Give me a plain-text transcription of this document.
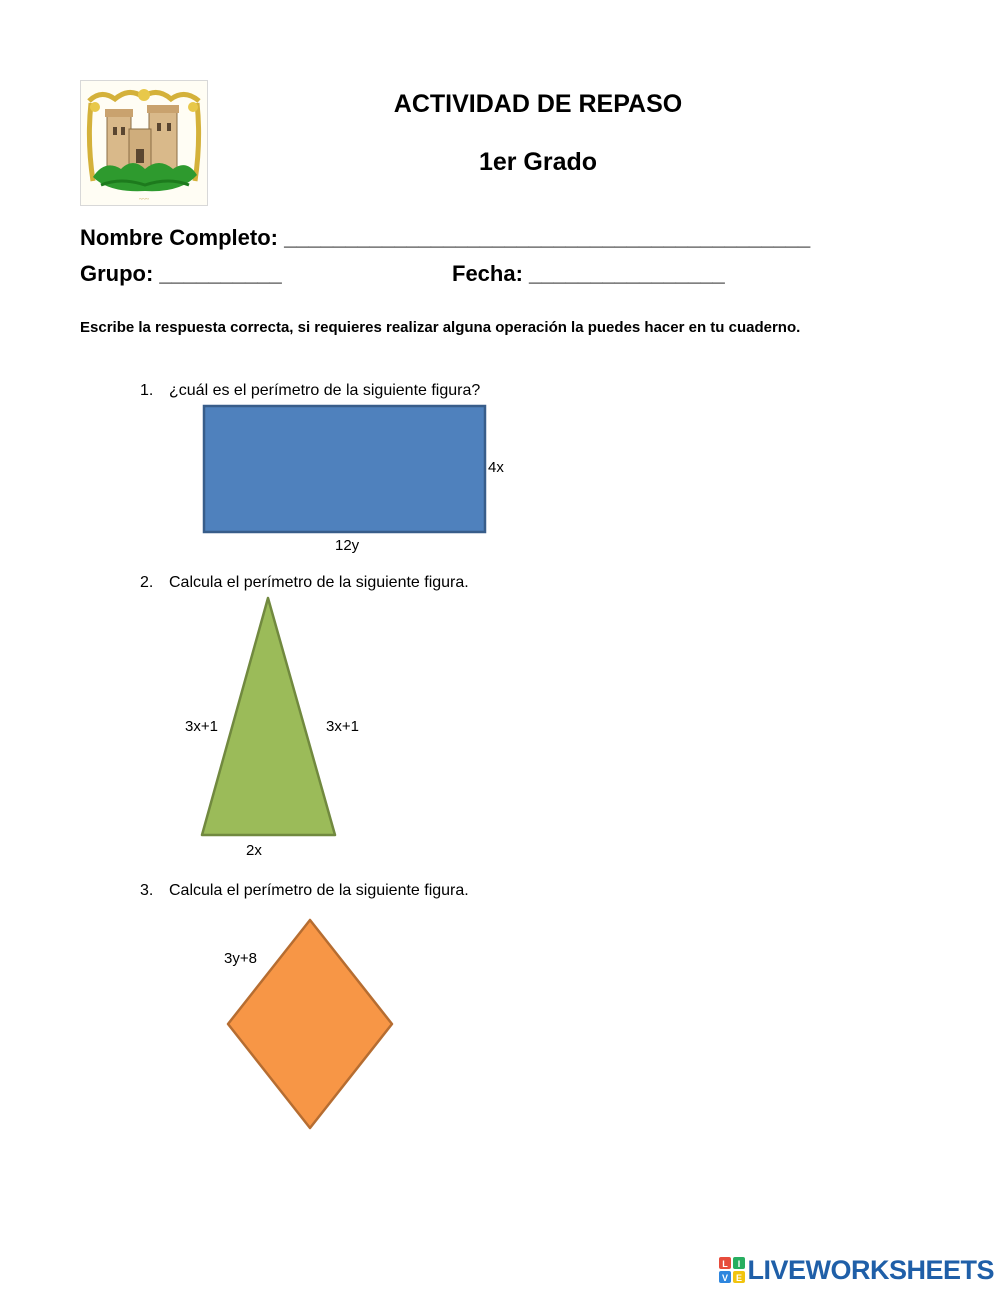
~~~
ACTIVIDAD DE REPASO
1er Grado
Nombre Completo: ___________________________________________
Grupo: __________	Fecha: ________________
Escribe la respuesta correcta, si requieres realizar alguna operación la puedes hacer en tu cuaderno.
1. ¿cuál es el perímetro de la siguiente figura?
4x
12y
2. Calcula el perímetro de la siguiente figura.
3x+1	3x+1
2x
3. Calcula el perímetro de la siguiente figura.
3y+8
L I
V E LIVEWORKSHEETS
